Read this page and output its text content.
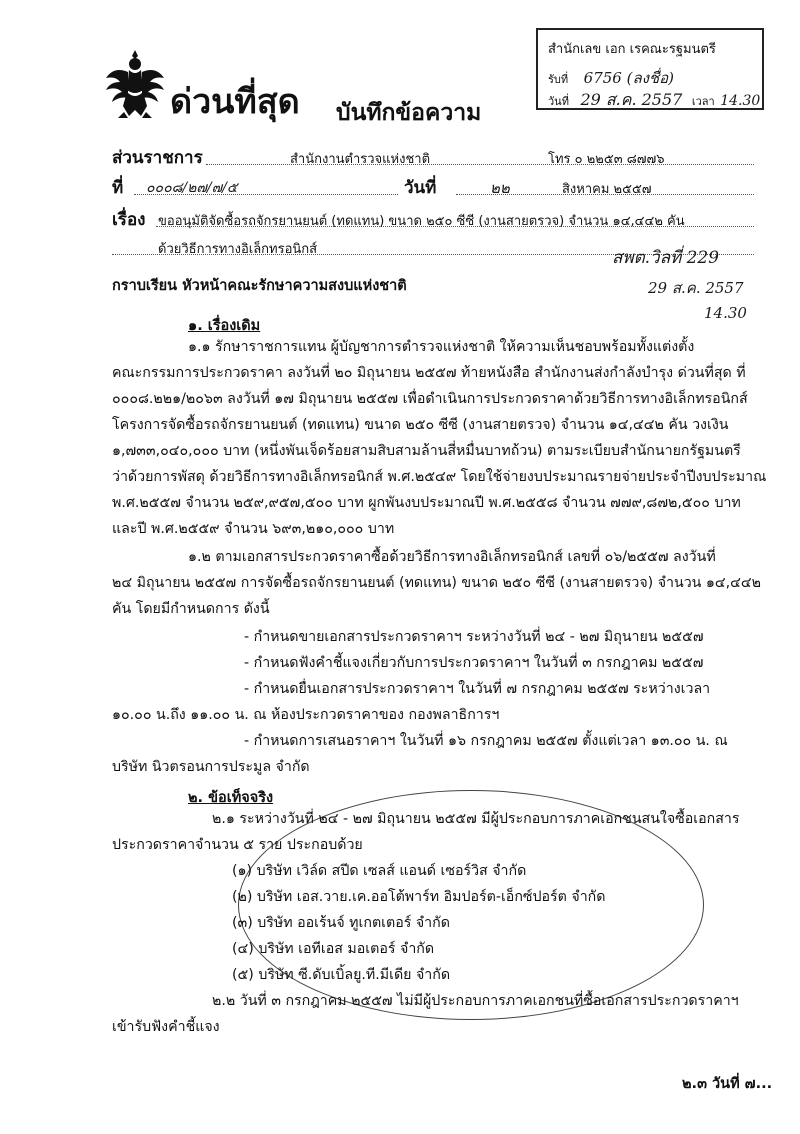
ด่วนที่สุด บันทึกข้อความ
สำนักเลข เอก เรคณะรฐมนตรี
รับที่ 6756 (ลงชื่อ)
วันที่ 29 ส.ค. 2557 เวลา 14.30
ส่วนราชการ	สำนักงานตำรวจแห่งชาติ	โทร ๐ ๒๒๕๓ ๘๗๗๖
ที่ ๐๐๐๘/๒๗/๗/๕	วันที่	๒๒	สิงหาคม ๒๕๕๗
เรื่อง ขออนุมัติจัดซื้อรถจักรยานยนต์ (ทดแทน) ขนาด ๒๕๐ ซีซี (งานสายตรวจ) จำนวน ๑๔,๔๔๒ คัน
ด้วยวิธีการทางอิเล็กทรอนิกส์	สพต.วิลที่ 229
29 ส.ค. 2557
14.30
กราบเรียน หัวหน้าคณะรักษาความสงบแห่งชาติ
๑. เรื่องเดิม
๑.๑ รักษาราชการแทน ผู้บัญชาการตำรวจแห่งชาติ ให้ความเห็นชอบพร้อมทั้งแต่งตั้ง
คณะกรรมการประกวดราคา ลงวันที่ ๒๐ มิถุนายน ๒๕๕๗ ท้ายหนังสือ สำนักงานส่งกำลังบำรุง ด่วนที่สุด ที่
๐๐๐๘.๒๒๑/๒๐๖๓ ลงวันที่ ๑๗ มิถุนายน ๒๕๕๗ เพื่อดำเนินการประกวดราคาด้วยวิธีการทางอิเล็กทรอนิกส์
โครงการจัดซื้อรถจักรยานยนต์ (ทดแทน) ขนาด ๒๕๐ ซีซี (งานสายตรวจ) จำนวน ๑๔,๔๔๒ คัน วงเงิน
๑,๗๓๓,๐๔๐,๐๐๐ บาท (หนึ่งพันเจ็ดร้อยสามสิบสามล้านสี่หมื่นบาทถ้วน) ตามระเบียบสำนักนายกรัฐมนตรี
ว่าด้วยการพัสดุ ด้วยวิธีการทางอิเล็กทรอนิกส์ พ.ศ.๒๕๔๙ โดยใช้จ่ายงบประมาณรายจ่ายประจำปีงบประมาณ
พ.ศ.๒๕๕๗ จำนวน ๒๕๙,๙๕๗,๕๐๐ บาท ผูกพันงบประมาณปี พ.ศ.๒๕๕๘ จำนวน ๗๗๙,๘๗๒,๕๐๐ บาท
และปี พ.ศ.๒๕๕๙ จำนวน ๖๙๓,๒๑๐,๐๐๐ บาท
๑.๒ ตามเอกสารประกวดราคาซื้อด้วยวิธีการทางอิเล็กทรอนิกส์ เลขที่ ๐๖/๒๕๕๗ ลงวันที่
๒๔ มิถุนายน ๒๕๕๗ การจัดซื้อรถจักรยานยนต์ (ทดแทน) ขนาด ๒๕๐ ซีซี (งานสายตรวจ) จำนวน ๑๔,๔๔๒
คัน โดยมีกำหนดการ ดังนี้
- กำหนดขายเอกสารประกวดราคาฯ ระหว่างวันที่ ๒๔ - ๒๗ มิถุนายน ๒๕๕๗
- กำหนดฟังคำชี้แจงเกี่ยวกับการประกวดราคาฯ ในวันที่ ๓ กรกฎาคม ๒๕๕๗
- กำหนดยื่นเอกสารประกวดราคาฯ ในวันที่ ๗ กรกฎาคม ๒๕๕๗ ระหว่างเวลา
๑๐.๐๐ น.ถึง ๑๑.๐๐ น. ณ ห้องประกวดราคาของ กองพลาธิการฯ
- กำหนดการเสนอราคาฯ ในวันที่ ๑๖ กรกฎาคม ๒๕๕๗ ตั้งแต่เวลา ๑๓.๐๐ น. ณ
บริษัท นิวตรอนการประมูล จำกัด
๒. ข้อเท็จจริง
๒.๑ ระหว่างวันที่ ๒๔ - ๒๗ มิถุนายน ๒๕๕๗ มีผู้ประกอบการภาคเอกชนสนใจซื้อเอกสาร
ประกวดราคาจำนวน ๕ ราย ประกอบด้วย
(๑) บริษัท เวิล์ด สปีด เซลส์ แอนด์ เซอร์วิส จำกัด
(๒) บริษัท เอส.วาย.เค.ออโต้พาร์ท อิมปอร์ต-เอ็กซ์ปอร์ต จำกัด
(๓) บริษัท ออเร้นจ์ ทูเกตเตอร์ จำกัด
(๔) บริษัท เอทีเอส มอเตอร์ จำกัด
(๕) บริษัท ซี.ดับเบิ้ลยู.ที.มีเดีย จำกัด
๒.๒ วันที่ ๓ กรกฎาคม ๒๕๕๗ ไม่มีผู้ประกอบการภาคเอกชนที่ซื้อเอกสารประกวดราคาฯ
เข้ารับฟังคำชี้แจง
๒.๓ วันที่ ๗...
